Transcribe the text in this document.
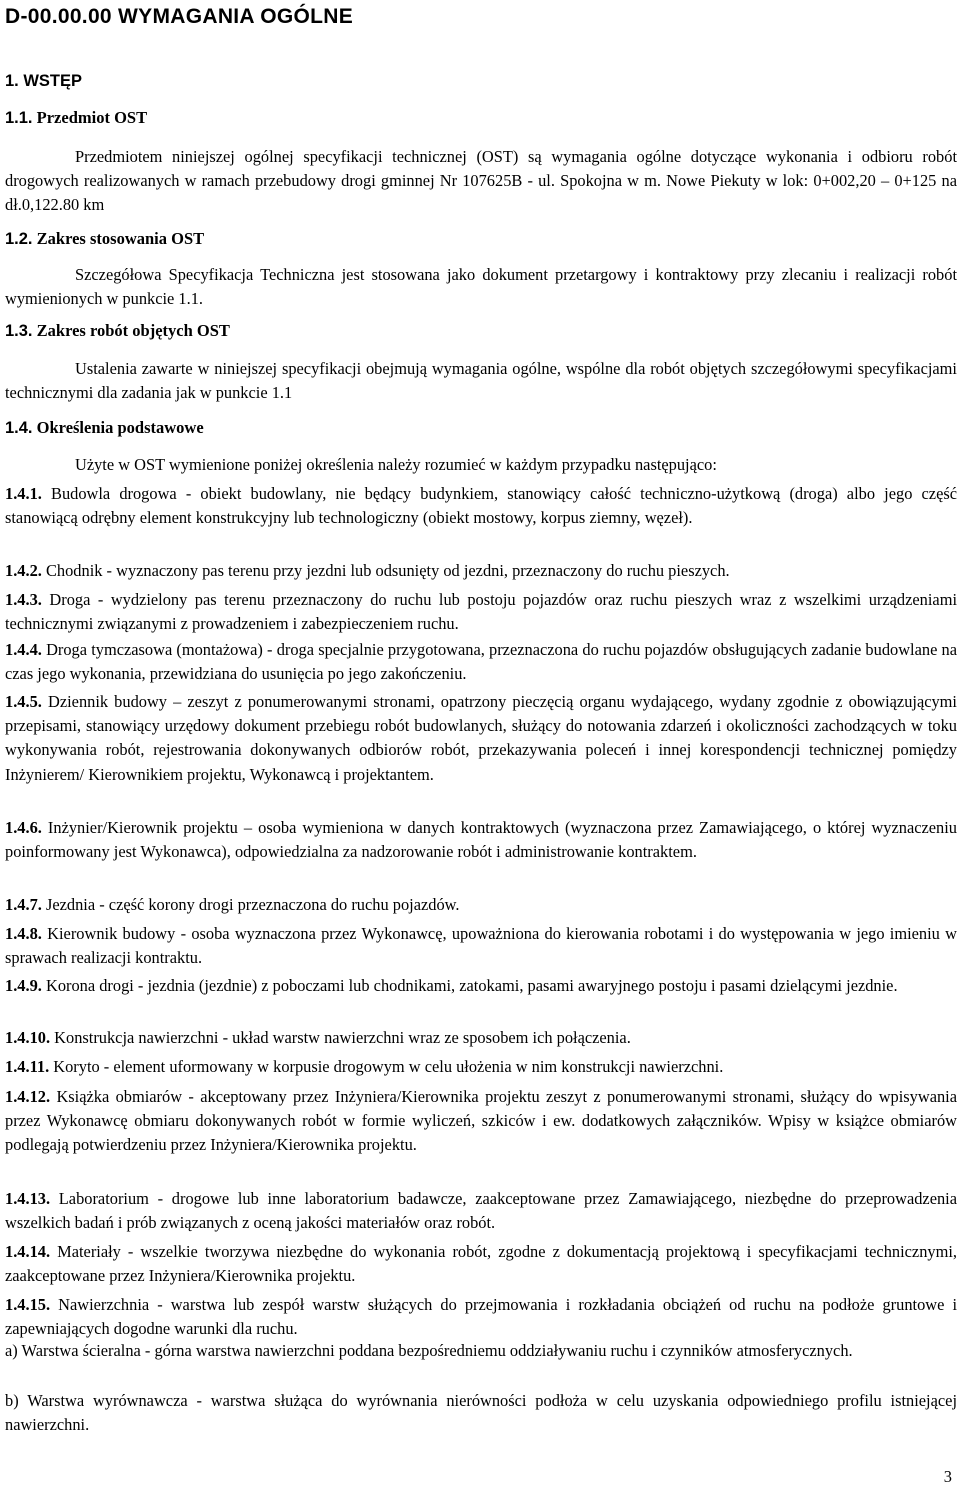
D-00.00.00 WYMAGANIA OGÓLNE
1. WSTĘP
1.1. Przedmiot OST

Przedmiotem niniejszej ogólnej specyfikacji technicznej (OST) są wymagania ogólne dotyczące wykonania i odbioru robót drogowych realizowanych w ramach przebudowy drogi gminnej Nr 107625B - ul. Spokojna w m. Nowe Piekuty w lok: 0+002,20 – 0+125 na dł.0,122.80 km

1.2. Zakres stosowania OST

Szczegółowa Specyfikacja Techniczna jest stosowana jako dokument przetargowy i kontraktowy przy zlecaniu i realizacji robót wymienionych w punkcie 1.1.

1.3. Zakres robót objętych OST

Ustalenia zawarte w niniejszej specyfikacji obejmują wymagania ogólne, wspólne dla robót objętych szczegółowymi specyfikacjami technicznymi dla zadania jak w punkcie 1.1

1.4. Określenia podstawowe

Użyte w OST wymienione poniżej określenia należy rozumieć w każdym przypadku następująco:

1.4.1. Budowla drogowa - obiekt budowlany, nie będący budynkiem, stanowiący całość techniczno-użytkową (droga) albo jego część stanowiącą odrębny element konstrukcyjny lub technologiczny (obiekt mostowy, korpus ziemny, węzeł).

1.4.2. Chodnik - wyznaczony pas terenu przy jezdni lub odsunięty od jezdni, przeznaczony do ruchu pieszych.

1.4.3. Droga - wydzielony pas terenu przeznaczony do ruchu lub postoju pojazdów oraz ruchu pieszych wraz z wszelkimi urządzeniami technicznymi związanymi z prowadzeniem i zabezpieczeniem ruchu.

1.4.4. Droga tymczasowa (montażowa) - droga specjalnie przygotowana, przeznaczona do ruchu pojazdów obsługujących zadanie budowlane na czas jego wykonania, przewidziana do usunięcia po jego zakończeniu.

1.4.5. Dziennik budowy – zeszyt z ponumerowanymi stronami, opatrzony pieczęcią organu wydającego, wydany zgodnie z obowiązującymi przepisami, stanowiący urzędowy dokument przebiegu robót budowlanych, służący do notowania zdarzeń i okoliczności zachodzących w toku wykonywania robót, rejestrowania dokonywanych odbiorów robót, przekazywania poleceń i innej korespondencji technicznej pomiędzy Inżynierem/ Kierownikiem projektu, Wykonawcą i projektantem.

1.4.6. Inżynier/Kierownik projektu – osoba wymieniona w danych kontraktowych (wyznaczona przez Zamawiającego, o której wyznaczeniu poinformowany jest Wykonawca), odpowiedzialna za nadzorowanie robót i administrowanie kontraktem.

1.4.7. Jezdnia - część korony drogi przeznaczona do ruchu pojazdów.

1.4.8. Kierownik budowy - osoba wyznaczona przez Wykonawcę, upoważniona do kierowania robotami i do występowania w jego imieniu w sprawach realizacji kontraktu.

1.4.9. Korona drogi - jezdnia (jezdnie) z poboczami lub chodnikami, zatokami, pasami awaryjnego postoju i pasami dzielącymi jezdnie.

1.4.10. Konstrukcja nawierzchni - układ warstw nawierzchni wraz ze sposobem ich połączenia.

1.4.11. Koryto - element uformowany w korpusie drogowym w celu ułożenia w nim konstrukcji nawierzchni.

1.4.12. Książka obmiarów - akceptowany przez Inżyniera/Kierownika projektu zeszyt z ponumerowanymi stronami, służący do wpisywania przez Wykonawcę obmiaru dokonywanych robót w formie wyliczeń, szkiców i ew. dodatkowych załączników. Wpisy w książce obmiarów podlegają potwierdzeniu przez Inżyniera/Kierownika projektu.

1.4.13. Laboratorium - drogowe lub inne laboratorium badawcze, zaakceptowane przez Zamawiającego, niezbędne do przeprowadzenia wszelkich badań i prób związanych z oceną jakości materiałów oraz robót.

1.4.14. Materiały - wszelkie tworzywa niezbędne do wykonania robót, zgodne z dokumentacją projektową i specyfikacjami technicznymi, zaakceptowane przez Inżyniera/Kierownika projektu.

1.4.15. Nawierzchnia - warstwa lub zespół warstw służących do przejmowania i rozkładania obciążeń od ruchu na podłoże gruntowe i zapewniających dogodne warunki dla ruchu.

a) Warstwa ścieralna - górna warstwa nawierzchni poddana bezpośredniemu oddziaływaniu ruchu i czynników atmosferycznych.

b) Warstwa wyrównawcza - warstwa służąca do wyrównania nierówności podłoża w celu uzyskania odpowiedniego profilu istniejącej nawierzchni.

3
